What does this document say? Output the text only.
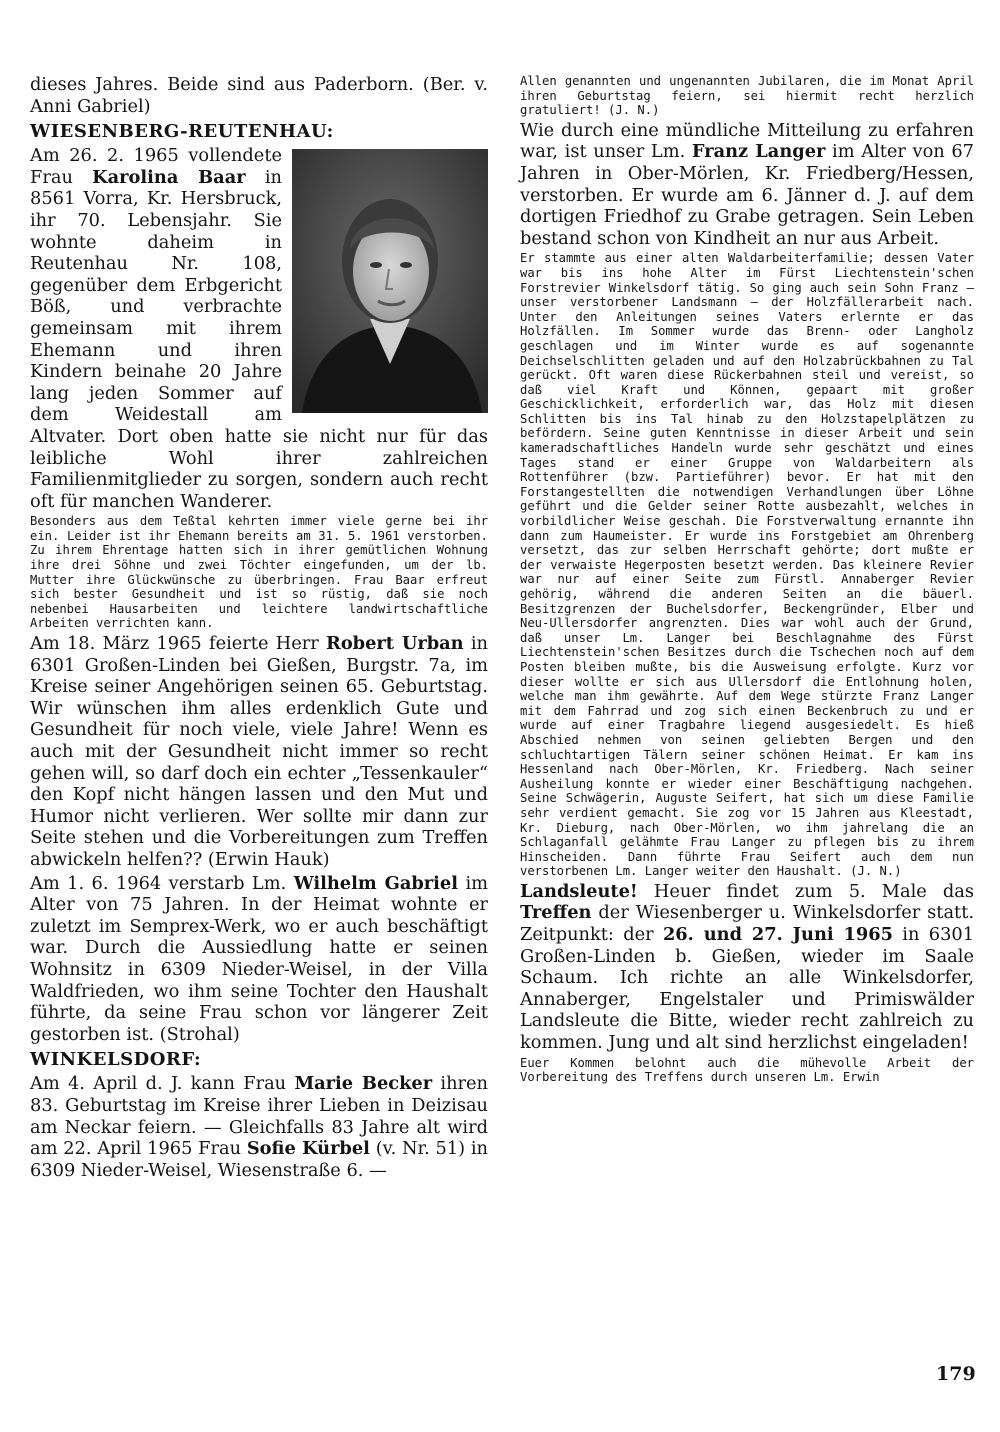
dieses Jahres. Beide sind aus Paderborn. (Ber. v. Anni Gabriel)

WIESENBERG-REUTENHAU:

Am 26. 2. 1965 vollendete Frau Karolina Baar in 8561 Vorra, Kr. Hersbruck, ihr 70. Lebensjahr. Sie wohnte daheim in Reutenhau Nr. 108, gegenüber dem Erbgericht Böß, und verbrachte gemeinsam mit ihrem Ehemann und ihren Kindern beinahe 20 Jahre lang jeden Sommer auf dem Weidestall am Altvater. Dort oben hatte sie nicht nur für das leibliche Wohl ihrer zahlreichen Familienmitglieder zu sorgen, sondern auch recht oft für manchen Wanderer.

Besonders aus dem Teßtal kehrten immer viele gerne bei ihr ein. Leider ist ihr Ehemann bereits am 31. 5. 1961 verstorben. Zu ihrem Ehrentage hatten sich in ihrer gemütlichen Wohnung ihre drei Söhne und zwei Töchter eingefunden, um der lb. Mutter ihre Glückwünsche zu überbringen. Frau Baar erfreut sich bester Gesundheit und ist so rüstig, daß sie noch nebenbei Hausarbeiten und leichtere landwirtschaftliche Arbeiten verrichten kann.

Am 18. März 1965 feierte Herr Robert Urban in 6301 Großen-Linden bei Gießen, Burgstr. 7a, im Kreise seiner Angehörigen seinen 65. Geburtstag. Wir wünschen ihm alles erdenklich Gute und Gesundheit für noch viele, viele Jahre! Wenn es auch mit der Gesundheit nicht immer so recht gehen will, so darf doch ein echter „Tessenkauler“ den Kopf nicht hängen lassen und den Mut und Humor nicht verlieren. Wer sollte mir dann zur Seite stehen und die Vorbereitungen zum Treffen abwickeln helfen?? (Erwin Hauk)

Am 1. 6. 1964 verstarb Lm. Wilhelm Gabriel im Alter von 75 Jahren. In der Heimat wohnte er zuletzt im Semprex-Werk, wo er auch beschäftigt war. Durch die Aussiedlung hatte er seinen Wohnsitz in 6309 Nieder-Weisel, in der Villa Waldfrieden, wo ihm seine Tochter den Haushalt führte, da seine Frau schon vor längerer Zeit gestorben ist. (Strohal)

WINKELSDORF:

Am 4. April d. J. kann Frau Marie Becker ihren 83. Geburtstag im Kreise ihrer Lieben in Deizisau am Neckar feiern. — Gleichfalls 83 Jahre alt wird am 22. April 1965 Frau Sofie Kürbel (v. Nr. 51) in 6309 Nieder-Weisel, Wiesenstraße 6. —

Allen genannten und ungenannten Jubilaren, die im Monat April ihren Geburtstag feiern, sei hiermit recht herzlich gratuliert! (J. N.)

Wie durch eine mündliche Mitteilung zu erfahren war, ist unser Lm. Franz Langer im Alter von 67 Jahren in Ober-Mörlen, Kr. Friedberg/Hessen, verstorben. Er wurde am 6. Jänner d. J. auf dem dortigen Friedhof zu Grabe getragen. Sein Leben bestand schon von Kindheit an nur aus Arbeit.

Er stammte aus einer alten Waldarbeiterfamilie; dessen Vater war bis ins hohe Alter im Fürst Liechtenstein'schen Forstrevier Winkelsdorf tätig. So ging auch sein Sohn Franz — unser verstorbener Landsmann — der Holzfällerarbeit nach. Unter den Anleitungen seines Vaters erlernte er das Holzfällen. Im Sommer wurde das Brenn- oder Langholz geschlagen und im Winter wurde es auf sogenannte Deichselschlitten geladen und auf den Holzabrückbahnen zu Tal gerückt. Oft waren diese Rückerbahnen steil und vereist, so daß viel Kraft und Können, gepaart mit großer Geschicklichkeit, erforderlich war, das Holz mit diesen Schlitten bis ins Tal hinab zu den Holzstapelplätzen zu befördern. Seine guten Kenntnisse in dieser Arbeit und sein kameradschaftliches Handeln wurde sehr geschätzt und eines Tages stand er einer Gruppe von Waldarbeitern als Rottenführer (bzw. Partieführer) bevor. Er hat mit den Forstangestellten die notwendigen Verhandlungen über Löhne geführt und die Gelder seiner Rotte ausbezahlt, welches in vorbildlicher Weise geschah. Die Forstverwaltung ernannte ihn dann zum Haumeister. Er wurde ins Forstgebiet am Ohrenberg versetzt, das zur selben Herrschaft gehörte; dort mußte er der verwaiste Hegerposten besetzt werden. Das kleinere Revier war nur auf einer Seite zum Fürstl. Annaberger Revier gehörig, während die anderen Seiten an die bäuerl. Besitzgrenzen der Buchelsdorfer, Beckengründer, Elber und Neu-Ullersdorfer angrenzten. Dies war wohl auch der Grund, daß unser Lm. Langer bei Beschlagnahme des Fürst Liechtenstein'schen Besitzes durch die Tschechen noch auf dem Posten bleiben mußte, bis die Ausweisung erfolgte. Kurz vor dieser wollte er sich aus Ullersdorf die Entlohnung holen, welche man ihm gewährte. Auf dem Wege stürzte Franz Langer mit dem Fahrrad und zog sich einen Beckenbruch zu und er wurde auf einer Tragbahre liegend ausgesiedelt. Es hieß Abschied nehmen von seinen geliebten Bergen und den schluchtartigen Tälern seiner schönen Heimat. Er kam ins Hessenland nach Ober-Mörlen, Kr. Friedberg. Nach seiner Ausheilung konnte er wieder einer Beschäftigung nachgehen. Seine Schwägerin, Auguste Seifert, hat sich um diese Familie sehr verdient gemacht. Sie zog vor 15 Jahren aus Kleestadt, Kr. Dieburg, nach Ober-Mörlen, wo ihm jahrelang die an Schlaganfall gelähmte Frau Langer zu pflegen bis zu ihrem Hinscheiden. Dann führte Frau Seifert auch dem nun verstorbenen Lm. Langer weiter den Haushalt. (J. N.)

Landsleute! Heuer findet zum 5. Male das Treffen der Wiesenberger u. Winkelsdorfer statt. Zeitpunkt: der 26. und 27. Juni 1965 in 6301 Großen-Linden b. Gießen, wieder im Saale Schaum. Ich richte an alle Winkelsdorfer, Annaberger, Engelstaler und Primiswälder Landsleute die Bitte, wieder recht zahlreich zu kommen. Jung und alt sind herzlichst eingeladen!

Euer Kommen belohnt auch die mühevolle Arbeit der Vorbereitung des Treffens durch unseren Lm. Erwin

179
